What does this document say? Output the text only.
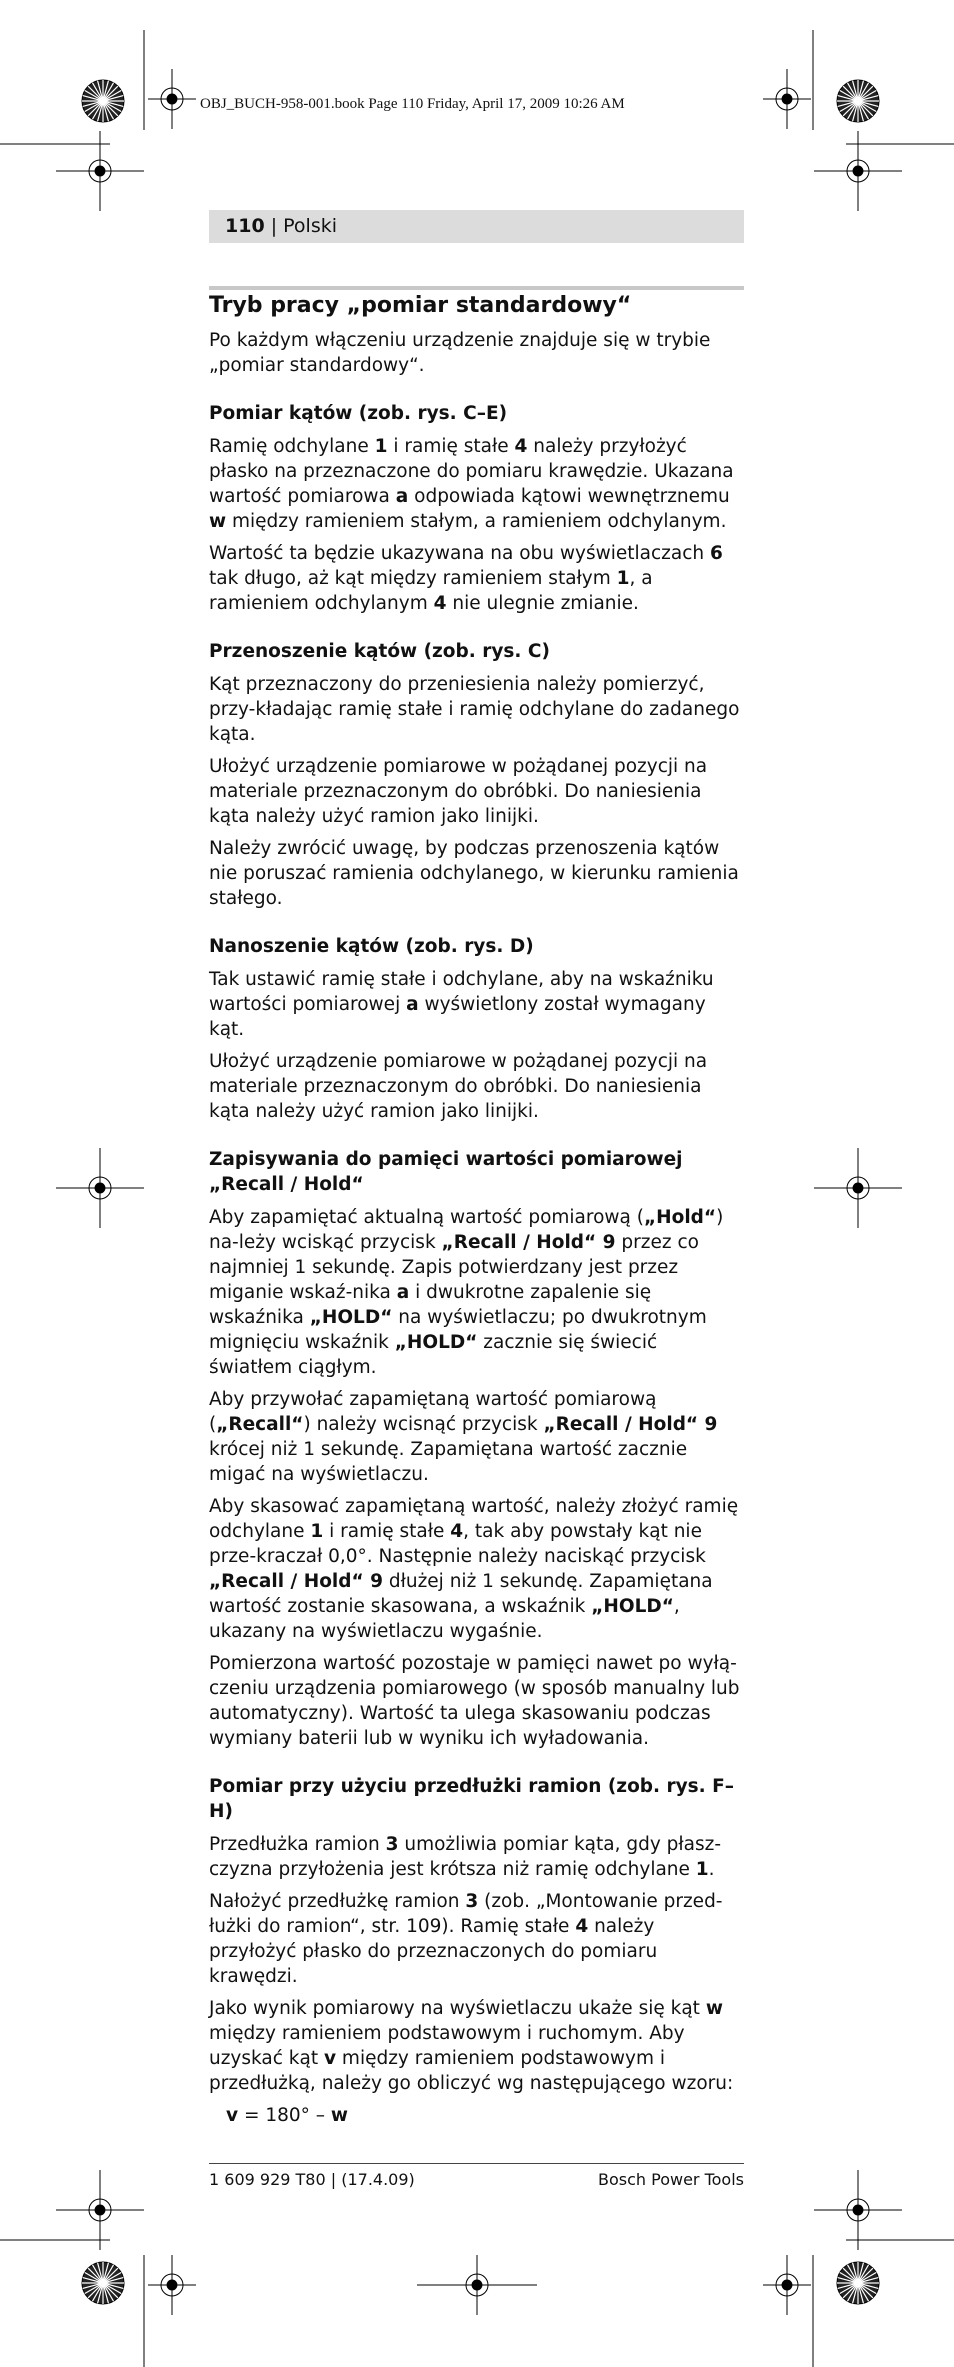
OBJ_BUCH-958-001.book Page 110 Friday, April 17, 2009 10:26 AM
110 | Polski
Tryb pracy „pomiar standardowy“

Po każdym włączeniu urządzenie znajduje się w trybie „pomiar standardowy“.

Pomiar kątów (zob. rys. C–E)

Ramię odchylane 1 i ramię stałe 4 należy przyłożyć płasko na przeznaczone do pomiaru krawędzie. Ukazana wartość pomiarowa a odpowiada kątowi wewnętrznemu w między ramieniem stałym, a ramieniem odchylanym.

Wartość ta będzie ukazywana na obu wyświetlaczach 6 tak długo, aż kąt między ramieniem stałym 1, a ramieniem odchylanym 4 nie ulegnie zmianie.

Przenoszenie kątów (zob. rys. C)

Kąt przeznaczony do przeniesienia należy pomierzyć, przy-kładając ramię stałe i ramię odchylane do zadanego kąta.

Ułożyć urządzenie pomiarowe w pożądanej pozycji na materiale przeznaczonym do obróbki. Do naniesienia kąta należy użyć ramion jako linijki.

Należy zwrócić uwagę, by podczas przenoszenia kątów nie poruszać ramienia odchylanego, w kierunku ramienia stałego.

Nanoszenie kątów (zob. rys. D)

Tak ustawić ramię stałe i odchylane, aby na wskaźniku wartości pomiarowej a wyświetlony został wymagany kąt.

Ułożyć urządzenie pomiarowe w pożądanej pozycji na materiale przeznaczonym do obróbki. Do naniesienia kąta należy użyć ramion jako linijki.

Zapisywania do pamięci wartości pomiarowej
„Recall / Hold“

Aby zapamiętać aktualną wartość pomiarową („Hold“) na-leży wciskąć przycisk „Recall / Hold“ 9 przez co najmniej 1 sekundę. Zapis potwierdzany jest przez miganie wskaź-nika a i dwukrotne zapalenie się wskaźnika „HOLD“ na wyświetlaczu; po dwukrotnym mignięciu wskaźnik „HOLD“ zacznie się świecić światłem ciągłym.

Aby przywołać zapamiętaną wartość pomiarową („Recall“) należy wcisnąć przycisk „Recall / Hold“ 9 krócej niż 1 sekundę. Zapamiętana wartość zacznie migać na wyświetlaczu.

Aby skasować zapamiętaną wartość, należy złożyć ramię odchylane 1 i ramię stałe 4, tak aby powstały kąt nie prze-kraczał 0,0°. Następnie należy naciskąć przycisk „Recall / Hold“ 9 dłużej niż 1 sekundę. Zapamiętana wartość zostanie skasowana, a wskaźnik „HOLD“, ukazany na wyświetlaczu wygaśnie.

Pomierzona wartość pozostaje w pamięci nawet po wyłą-czeniu urządzenia pomiarowego (w sposób manualny lub automatyczny). Wartość ta ulega skasowaniu podczas wymiany baterii lub w wyniku ich wyładowania.

Pomiar przy użyciu przedłużki ramion (zob. rys. F–H)

Przedłużka ramion 3 umożliwia pomiar kąta, gdy płasz-czyzna przyłożenia jest krótsza niż ramię odchylane 1.

Nałożyć przedłużkę ramion 3 (zob. „Montowanie przed-łużki do ramion“, str. 109). Ramię stałe 4 należy przyłożyć płasko do przeznaczonych do pomiaru krawędzi.

Jako wynik pomiarowy na wyświetlaczu ukaże się kąt w między ramieniem podstawowym i ruchomym. Aby uzyskać kąt v między ramieniem podstawowym i przedłużką, należy go obliczyć wg następującego wzoru:

v = 180° – w

1 609 929 T80 | (17.4.09)	Bosch Power Tools
